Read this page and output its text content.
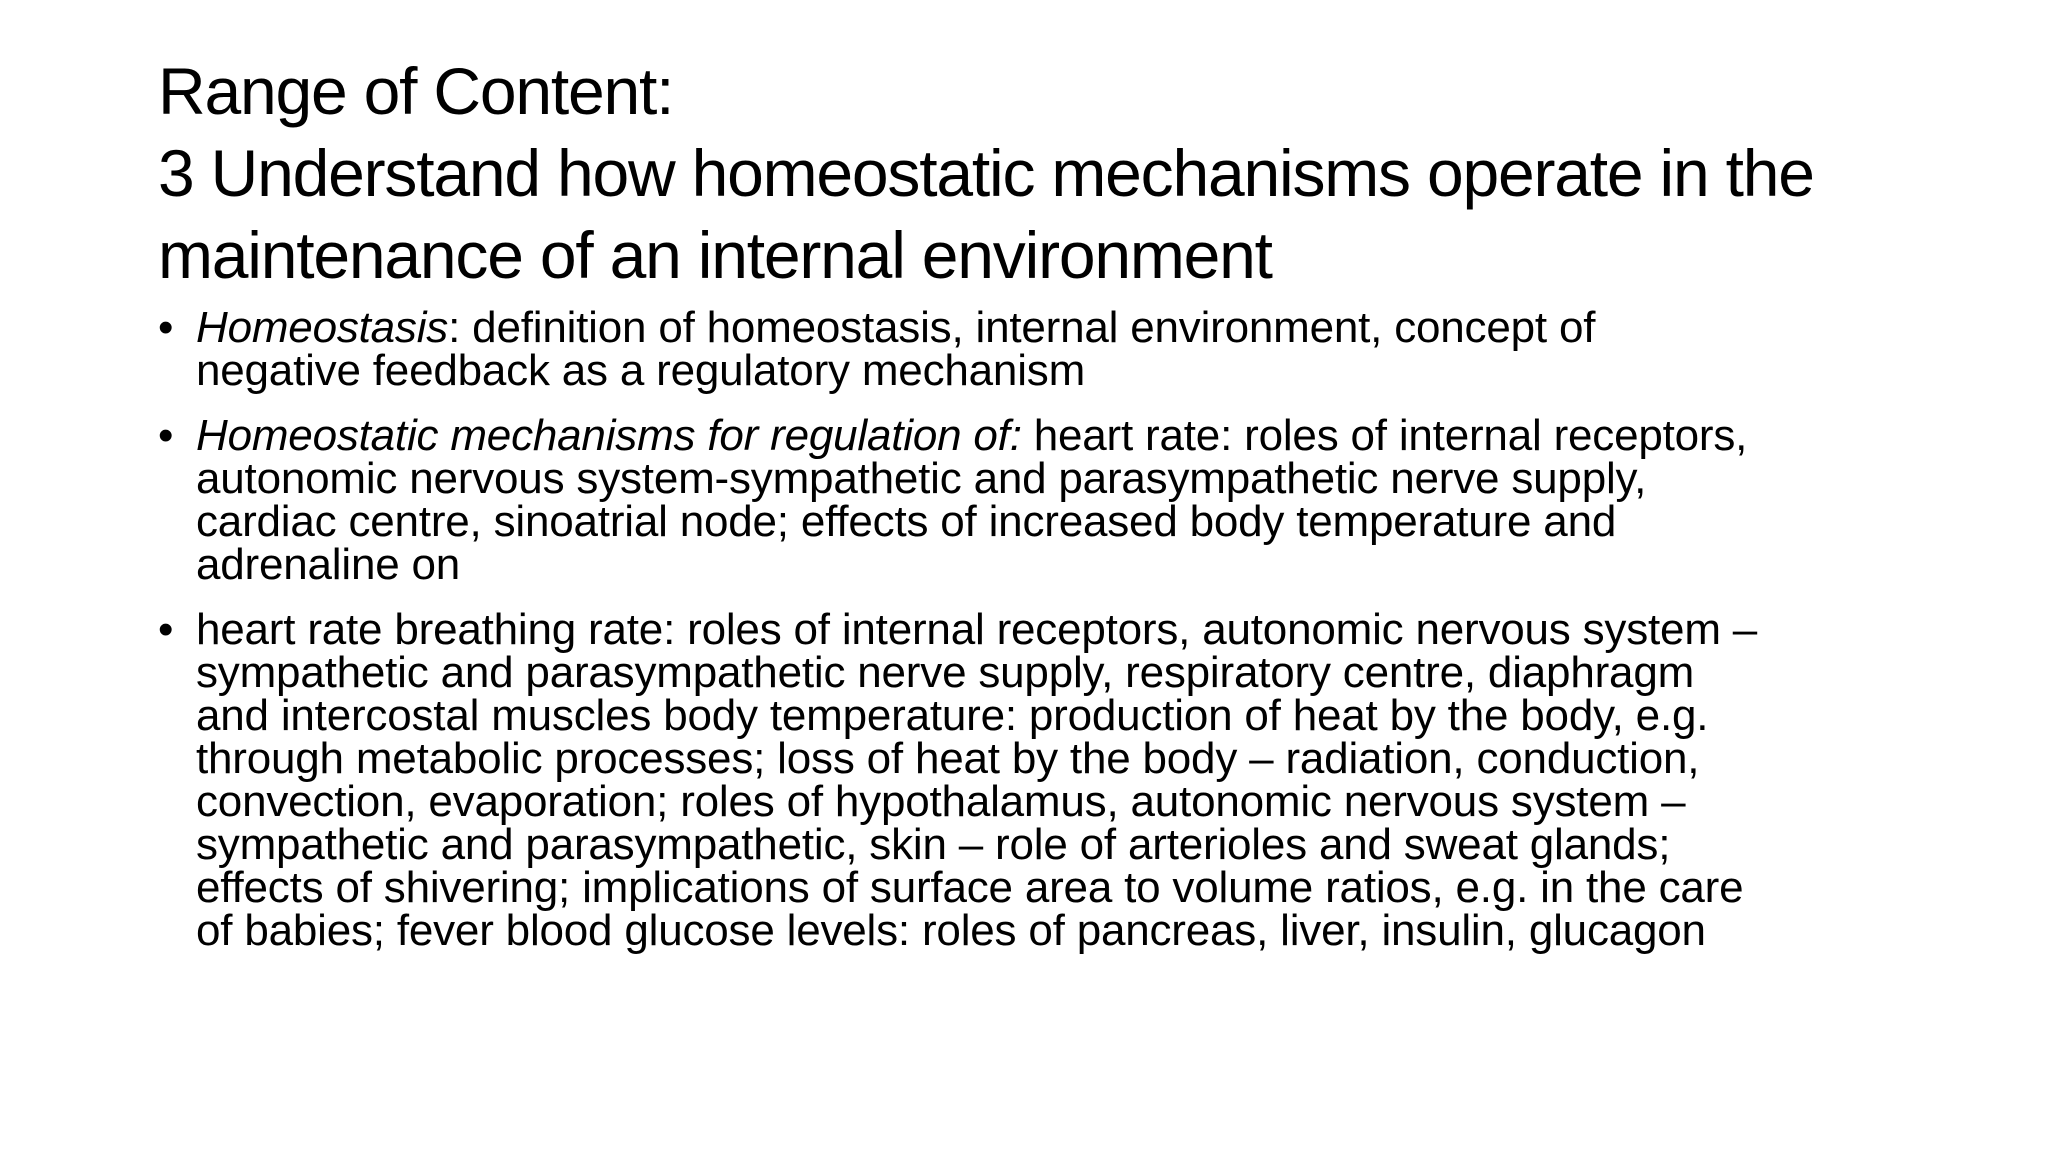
Range of Content:
3 Understand how homeostatic mechanisms operate in the
maintenance of an internal environment
• Homeostasis: definition of homeostasis, internal environment, concept of
negative feedback as a regulatory mechanism
• Homeostatic mechanisms for regulation of: heart rate: roles of internal receptors,
autonomic nervous system-sympathetic and parasympathetic nerve supply,
cardiac centre, sinoatrial node; effects of increased body temperature and
adrenaline on
• heart rate breathing rate: roles of internal receptors, autonomic nervous system –
sympathetic and parasympathetic nerve supply, respiratory centre, diaphragm
and intercostal muscles body temperature: production of heat by the body, e.g.
through metabolic processes; loss of heat by the body – radiation, conduction,
convection, evaporation; roles of hypothalamus, autonomic nervous system –
sympathetic and parasympathetic, skin – role of arterioles and sweat glands;
effects of shivering; implications of surface area to volume ratios, e.g. in the care
of babies; fever blood glucose levels: roles of pancreas, liver, insulin, glucagon
